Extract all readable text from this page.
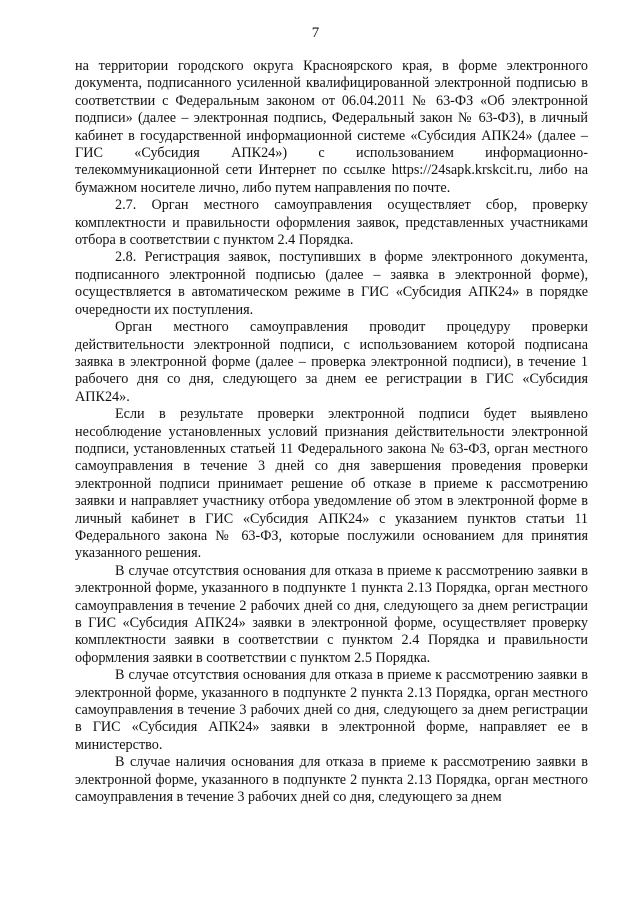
7

на территории городского округа Красноярского края, в форме электронного документа, подписанного усиленной квалифицированной электронной подписью в соответствии с Федеральным законом от 06.04.2011 № 63-ФЗ «Об электронной подписи» (далее – электронная подпись, Федеральный закон № 63-ФЗ), в личный кабинет в государственной информационной системе «Субсидия АПК24» (далее – ГИС «Субсидия АПК24») с использованием информационно-телекоммуникационной сети Интернет по ссылке https://24sapk.krskcit.ru, либо на бумажном носителе лично, либо путем направления по почте.

2.7. Орган местного самоуправления осуществляет сбор, проверку комплектности и правильности оформления заявок, представленных участниками отбора в соответствии с пунктом 2.4 Порядка.

2.8. Регистрация заявок, поступивших в форме электронного документа, подписанного электронной подписью (далее – заявка в электронной форме), осуществляется в автоматическом режиме в ГИС «Субсидия АПК24» в порядке очередности их поступления.

Орган местного самоуправления проводит процедуру проверки действительности электронной подписи, с использованием которой подписана заявка в электронной форме (далее – проверка электронной подписи), в течение 1 рабочего дня со дня, следующего за днем ее регистрации в ГИС «Субсидия АПК24».

Если в результате проверки электронной подписи будет выявлено несоблюдение установленных условий признания действительности электронной подписи, установленных статьей 11 Федерального закона № 63-ФЗ, орган местного самоуправления в течение 3 дней со дня завершения проведения проверки электронной подписи принимает решение об отказе в приеме к рассмотрению заявки и направляет участнику отбора уведомление об этом в электронной форме в личный кабинет в ГИС «Субсидия АПК24» с указанием пунктов статьи 11 Федерального закона № 63-ФЗ, которые послужили основанием для принятия указанного решения.

В случае отсутствия основания для отказа в приеме к рассмотрению заявки в электронной форме, указанного в подпункте 1 пункта 2.13 Порядка, орган местного самоуправления в течение 2 рабочих дней со дня, следующего за днем регистрации в ГИС «Субсидия АПК24» заявки в электронной форме, осуществляет проверку комплектности заявки в соответствии с пунктом 2.4 Порядка и правильности оформления заявки в соответствии с пунктом 2.5 Порядка.

В случае отсутствия основания для отказа в приеме к рассмотрению заявки в электронной форме, указанного в подпункте 2 пункта 2.13 Порядка, орган местного самоуправления в течение 3 рабочих дней со дня, следующего за днем регистрации в ГИС «Субсидия АПК24» заявки в электронной форме, направляет ее в министерство.

В случае наличия основания для отказа в приеме к рассмотрению заявки в электронной форме, указанного в подпункте 2 пункта 2.13 Порядка, орган местного самоуправления в течение 3 рабочих дней со дня, следующего за днем
